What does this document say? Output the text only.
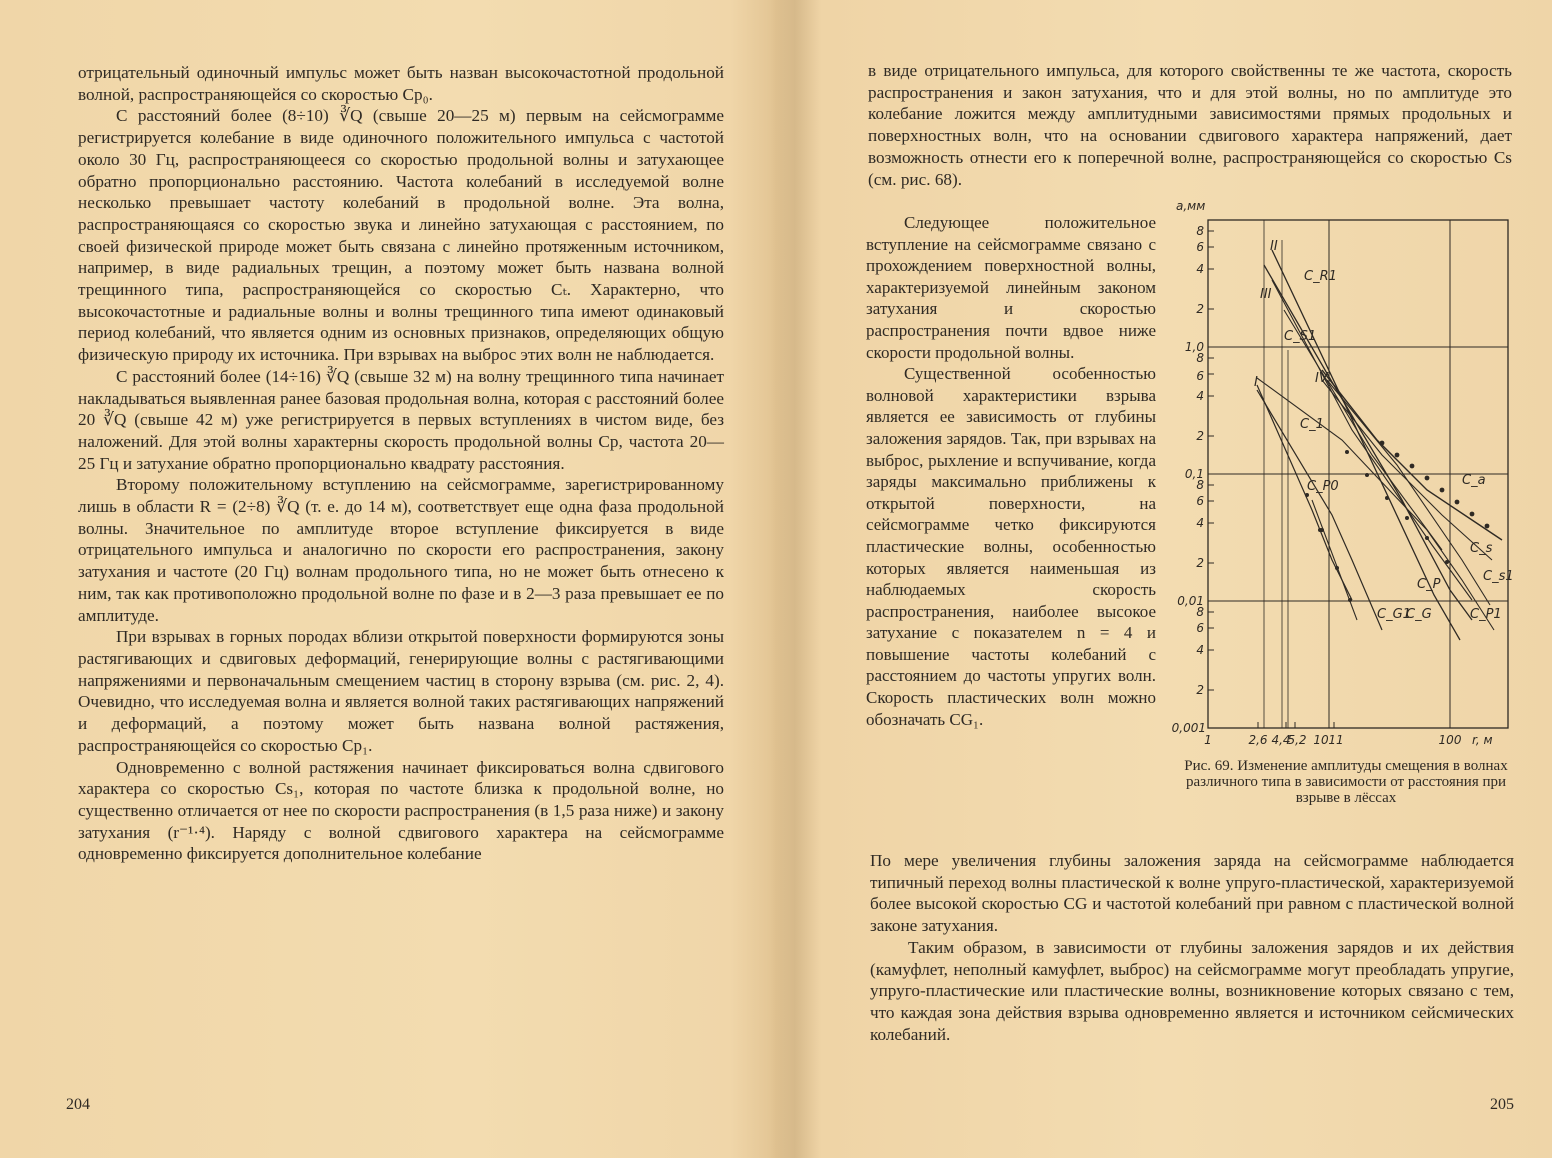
отрицательный одиночный импульс может быть назван высокочастотной продольной волной, распространяющейся со скоростью Cp₀.

С расстояний более (8÷10) ∛Q (свыше 20—25 м) первым на сейсмограмме регистрируется колебание в виде одиночного положительного импульса с частотой около 30 Гц, распространяющееся со скоростью продольной волны и затухающее обратно пропорционально расстоянию. Частота колебаний в исследуемой волне несколько превышает частоту колебаний в продольной волне. Эта волна, распространяющаяся со скоростью звука и линейно затухающая с расстоянием, по своей физической природе может быть связана с линейно протяженным источником, например, в виде радиальных трещин, а поэтому может быть названа волной трещинного типа, распространяющейся со скоростью Cₜ. Характерно, что высокочастотные и радиальные волны и волны трещинного типа имеют одинаковый период колебаний, что является одним из основных признаков, определяющих общую физическую природу их источника. При взрывах на выброс этих волн не наблюдается.

С расстояний более (14÷16) ∛Q (свыше 32 м) на волну трещинного типа начинает накладываться выявленная ранее базовая продольная волна, которая с расстояний более 20 ∛Q (свыше 42 м) уже регистрируется в первых вступлениях в чистом виде, без наложений. Для этой волны характерны скорость продольной волны Cp, частота 20—25 Гц и затухание обратно пропорционально квадрату расстояния.

Второму положительному вступлению на сейсмограмме, зарегистрированному лишь в области R = (2÷8) ∛Q (т. е. до 14 м), соответствует еще одна фаза продольной волны. Значительное по амплитуде второе вступление фиксируется в виде отрицательного импульса и аналогично по скорости его распространения, закону затухания и частоте (20 Гц) волнам продольного типа, но не может быть отнесено к ним, так как противоположно продольной волне по фазе и в 2—3 раза превышает ее по амплитуде.

При взрывах в горных породах вблизи открытой поверхности формируются зоны растягивающих и сдвиговых деформаций, генерирующие волны с растягивающими напряжениями и первоначальным смещением частиц в сторону взрыва (см. рис. 2, 4). Очевидно, что исследуемая волна и является волной таких растягивающих напряжений и деформаций, а поэтому может быть названа волной растяжения, распространяющейся со скоростью Cp₁.

Одновременно с волной растяжения начинает фиксироваться волна сдвигового характера со скоростью Cs₁, которая по частоте близка к продольной волне, но существенно отличается от нее по скорости распространения (в 1,5 раза ниже) и закону затухания (r⁻¹·⁴). Наряду с волной сдвигового характера на сейсмограмме одновременно фиксируется дополнительное колебание

204

в виде отрицательного импульса, для которого свойственны те же частота, скорость распространения и закон затухания, что и для этой волны, но по амплитуде это колебание ложится между амплитудными зависимостями прямых продольных и поверхностных волн, что на основании сдвигового характера напряжений, дает возможность отнести его к поперечной волне, распространяющейся со скоростью Cs (см. рис. 68).

Следующее положительное вступление на сейсмограмме связано с прохождением поверхностной волны, характеризуемой линейным законом затухания и скоростью распространения почти вдвое ниже скорости продольной волны.

Существенной особенностью волновой характеристики взрыва является ее зависимость от глубины заложения зарядов. Так, при взрывах на выброс, рыхление и вспучивание, когда заряды максимально приближены к открытой поверхности, на сейсмограмме четко фиксируются пластические волны, особенностью которых является наименьшая из наблюдаемых скорость распространения, наиболее высокое затухание с показателем n = 4 и повышение частоты колебаний с расстоянием до частоты упругих волн. Скорость пластических волн можно обозначать CG₁.

a,мм
r, м
8
6
4
2
1,0
8
6
4
2
0,1
8
6
4
2
0,01
8
6
4
2
0,001
1	2,6 4,4
5,2 10 11	100
II
C_R1
III
C_S1
IV
I
C_1
C_P0	C_a
C_s
C_s1
C_P
C_G1
C_G	C_P1
Рис. 69. Изменение амплитуды смещения в волнах различного типа в зависимости от расстояния при взрыве в лёссах

По мере увеличения глубины заложения заряда на сейсмограмме наблюдается типичный переход волны пластической к волне упруго-пластической, характеризуемой более высокой скоростью CG и частотой колебаний при равном с пластической волной законе затухания.

Таким образом, в зависимости от глубины заложения зарядов и их действия (камуфлет, неполный камуфлет, выброс) на сейсмограмме могут преобладать упругие, упруго-пластические или пластические волны, возникновение которых связано с тем, что каждая зона действия взрыва одновременно является и источником сейсмических колебаний.

205
